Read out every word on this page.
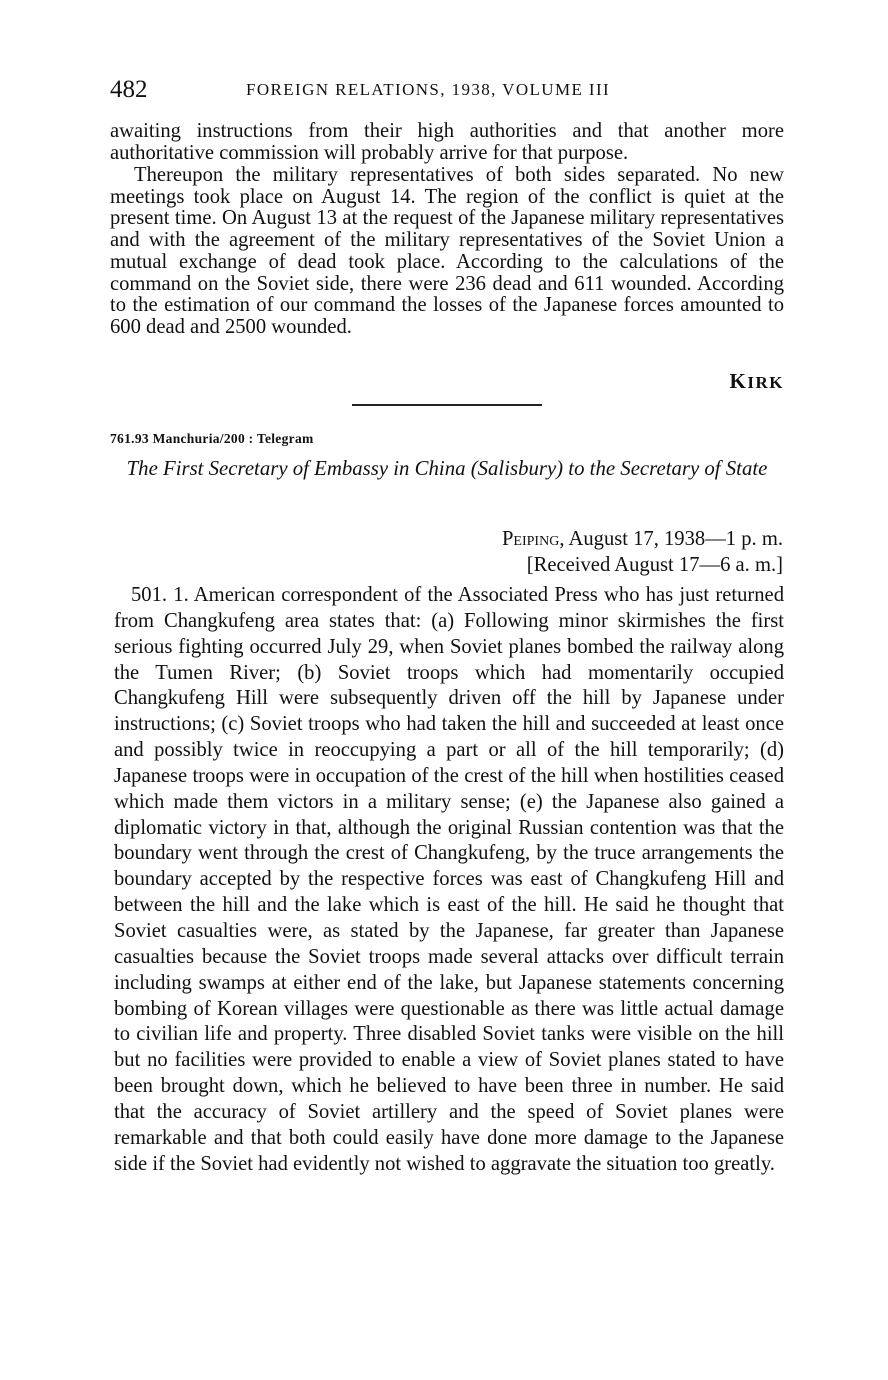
482	FOREIGN RELATIONS, 1938, VOLUME III

awaiting instructions from their high authorities and that another more authoritative commission will probably arrive for that purpose.

Thereupon the military representatives of both sides separated. No new meetings took place on August 14. The region of the conflict is quiet at the present time. On August 13 at the request of the Japanese military representatives and with the agreement of the military representatives of the Soviet Union a mutual exchange of dead took place. According to the calculations of the command on the Soviet side, there were 236 dead and 611 wounded. According to the estimation of our command the losses of the Japanese forces amounted to 600 dead and 2500 wounded.

KIRK
761.93 Manchuria/200 : Telegram

The First Secretary of Embassy in China (Salisbury) to the Secretary of State

Peiping, August 17, 1938—1 p. m.
[Received August 17—6 a. m.]

501. 1. American correspondent of the Associated Press who has just returned from Changkufeng area states that: (a) Following minor skirmishes the first serious fighting occurred July 29, when Soviet planes bombed the railway along the Tumen River; (b) Soviet troops which had momentarily occupied Changkufeng Hill were subsequently driven off the hill by Japanese under instructions; (c) Soviet troops who had taken the hill and succeeded at least once and possibly twice in reoccupying a part or all of the hill temporarily; (d) Japanese troops were in occupation of the crest of the hill when hostilities ceased which made them victors in a military sense; (e) the Japanese also gained a diplomatic victory in that, although the original Russian contention was that the boundary went through the crest of Changkufeng, by the truce arrangements the boundary accepted by the respective forces was east of Changkufeng Hill and between the hill and the lake which is east of the hill. He said he thought that Soviet casualties were, as stated by the Japanese, far greater than Japanese casualties because the Soviet troops made several attacks over difficult terrain including swamps at either end of the lake, but Japanese statements concerning bombing of Korean villages were questionable as there was little actual damage to civilian life and property. Three disabled Soviet tanks were visible on the hill but no facilities were provided to enable a view of Soviet planes stated to have been brought down, which he believed to have been three in number. He said that the accuracy of Soviet artillery and the speed of Soviet planes were remarkable and that both could easily have done more damage to the Japanese side if the Soviet had evidently not wished to aggravate the situation too greatly.
